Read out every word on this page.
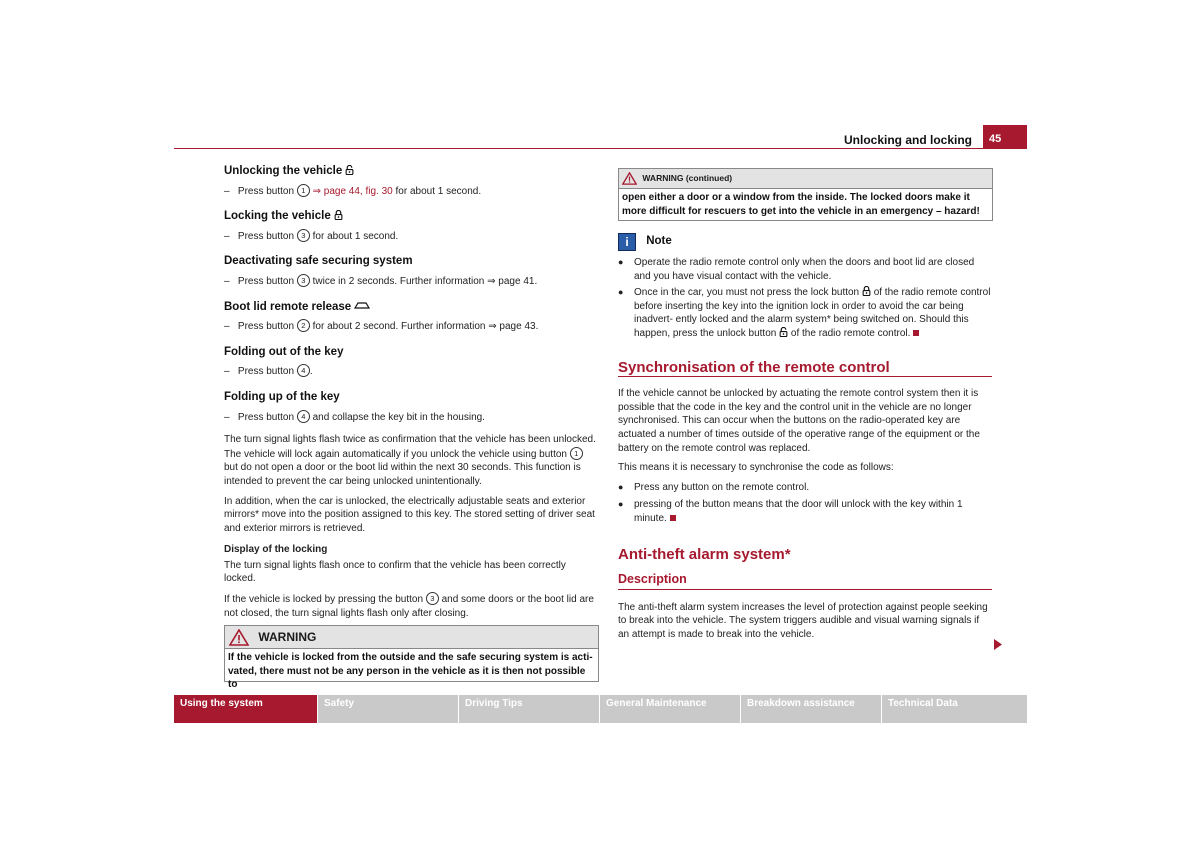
Unlocking and locking	45

Unlocking the vehicle

–   Press button 1 ⇒ page 44, fig. 30 for about 1 second.

Locking the vehicle

–   Press button 3 for about 1 second.

Deactivating safe securing system

–   Press button 3 twice in 2 seconds. Further information ⇒ page 41.

Boot lid remote release

–   Press button 2 for about 2 second. Further information ⇒ page 43.

Folding out of the key

–   Press button 4 .

Folding up of the key

–   Press button 4 and collapse the key bit in the housing.

The turn signal lights flash twice as confirmation that the vehicle has been unlocked. The vehicle will lock again automatically if you unlock the vehicle using button 1 but do not open a door or the boot lid within the next 30 seconds. This function is intended to prevent the car being unlocked unintentionally.

In addition, when the car is unlocked, the electrically adjustable seats and exterior mirrors* move into the position assigned to this key. The stored setting of driver seat and exterior mirrors is retrieved.

Display of the locking

The turn signal lights flash once to confirm that the vehicle has been correctly locked.

If the vehicle is locked by pressing the button 3 and some doors or the boot lid are not closed, the turn signal lights flash only after closing.

WARNING
If the vehicle is locked from the outside and the safe securing system is acti- vated, there must not be any person in the vehicle as it is then not possible to
WARNING (continued)
open either a door or a window from the inside. The locked doors make it more difficult for rescuers to get into the vehicle in an emergency – hazard!

i Note

● Operate the radio remote control only when the doors and boot lid are closed and you have visual contact with the vehicle.

● Once in the car, you must not press the lock button of the radio remote control before inserting the key into the ignition lock in order to avoid the car being inadvert- ently locked and the alarm system* being switched on. Should this happen, press the unlock button of the radio remote control.

Synchronisation of the remote control

If the vehicle cannot be unlocked by actuating the remote control system then it is possible that the code in the key and the control unit in the vehicle are no longer synchronised. This can occur when the buttons on the radio-operated key are actuated a number of times outside of the operative range of the equipment or the battery on the remote control was replaced.

This means it is necessary to synchronise the code as follows:

● Press any button on the remote control.

● pressing of the button means that the door will unlock with the key within 1 minute.

Anti-theft alarm system*

Description

The anti-theft alarm system increases the level of protection against people seeking to break into the vehicle. The system triggers audible and visual warning signals if an attempt is made to break into the vehicle.

Using the system	Safety	Driving Tips	General Maintenance	Breakdown assistance	Technical Data
